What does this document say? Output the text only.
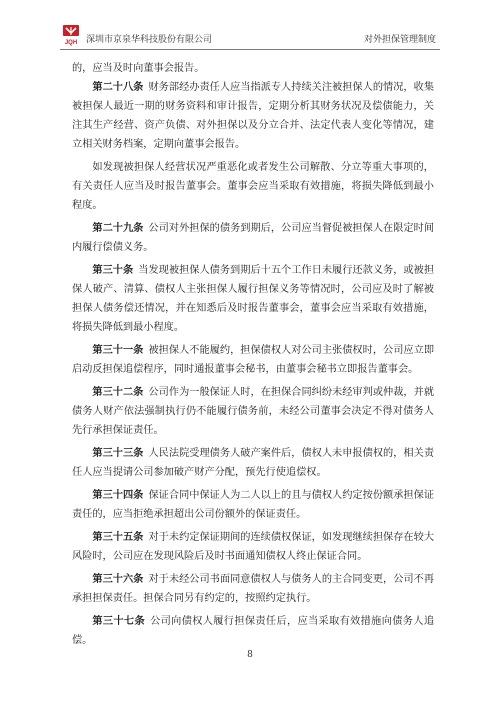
JQH 深圳市京泉华科技股份有限公司	对外担保管理制度

的，应当及时向董事会报告。

第二十八条 财务部经办责任人应当指派专人持续关注被担保人的情况，收集被担保人最近一期的财务资料和审计报告，定期分析其财务状况及偿债能力，关注其生产经营、资产负债、对外担保以及分立合并、法定代表人变化等情况，建立相关财务档案，定期向董事会报告。

如发现被担保人经营状况严重恶化或者发生公司解散、分立等重大事项的，有关责任人应当及时报告董事会。董事会应当采取有效措施，将损失降低到最小程度。

第二十九条 公司对外担保的债务到期后，公司应当督促被担保人在限定时间内履行偿债义务。

第三十条 当发现被担保人债务到期后十五个工作日未履行还款义务，或被担保人破产、清算、债权人主张担保人履行担保义务等情况时，公司应及时了解被担保人债务偿还情况，并在知悉后及时报告董事会，董事会应当采取有效措施，将损失降低到最小程度。

第三十一条 被担保人不能履约，担保债权人对公司主张债权时，公司应立即启动反担保追偿程序，同时通报董事会秘书，由董事会秘书立即报告董事会。

第三十二条 公司作为一般保证人时，在担保合同纠纷未经审判或仲裁，并就债务人财产依法强制执行仍不能履行债务前，未经公司董事会决定不得对债务人先行承担保证责任。

第三十三条 人民法院受理债务人破产案件后，债权人未申报债权的，相关责任人应当提请公司参加破产财产分配，预先行使追偿权。

第三十四条 保证合同中保证人为二人以上的且与债权人约定按份额承担保证责任的，应当拒绝承担超出公司份额外的保证责任。

第三十五条 对于未约定保证期间的连续债权保证，如发现继续担保存在较大风险时，公司应在发现风险后及时书面通知债权人终止保证合同。

第三十六条 对于未经公司书面同意债权人与债务人的主合同变更，公司不再承担担保责任。担保合同另有约定的，按照约定执行。

第三十七条 公司向债权人履行担保责任后，应当采取有效措施向债务人追偿。

8
